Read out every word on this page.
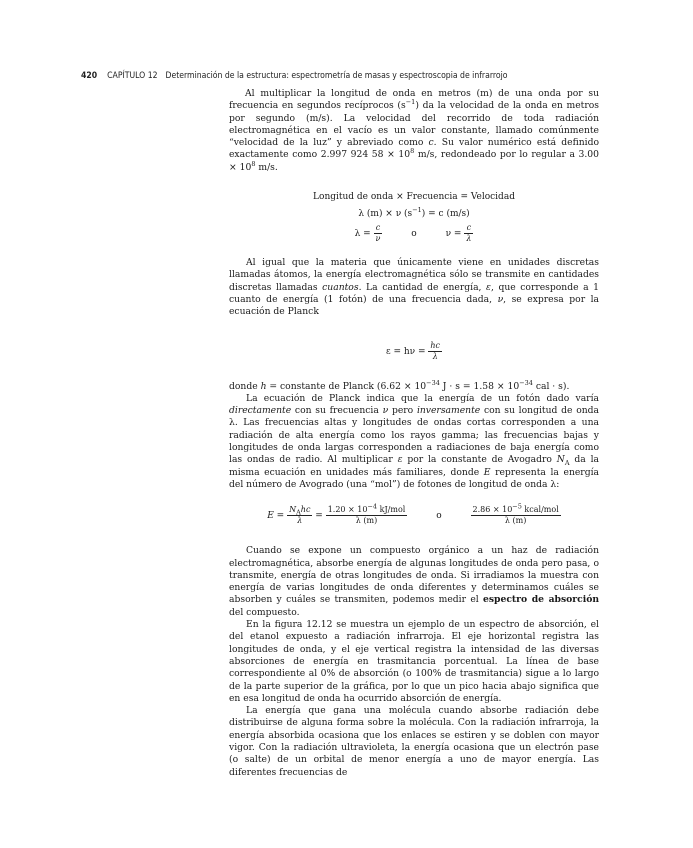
420 CAPÍTULO 12 Determinación de la estructura: espectrometría de masas y espectroscopia de infrarrojo

Al multiplicar la longitud de onda en metros (m) de una onda por su frecuencia en segundos recíprocos $(s^{-1})$ da la velocidad de la onda en metros por segundo (m/s). La velocidad del recorrido de toda radiación electromagnética en el vacío es un valor constante, llamado comúnmente “velocidad de la luz” y abreviado como c. Su valor numérico está definido exactamente como 2.997 924 $58 \times 10^8$ m/s, redondeado por lo regular a $3.00 \times 10^8$ m/s.

Longitud de onda × Frecuencia = Velocidad
λ (m) × ν $(s^{-1}) = c$ (m/s)
$\lambda = \frac{c}{\nu}$	o	$\nu = \frac{c}{\lambda}$

Al igual que la materia que únicamente viene en unidades discretas llamadas átomos, la energía electromagnética sólo se transmite en cantidades discretas llamadas cuantos. La cantidad de energía, ε, que corresponde a 1 cuanto de energía (1 fotón) de una frecuencia dada, ν, se expresa por la ecuación de Planck

$\varepsilon = h\nu = \frac{hc}{\lambda}$

donde h = constante de Planck ($6.62 \times 10^{-34}$ $J \cdot s = 1.58 \times 10^{-34}$ cal · s).

La ecuación de Planck indica que la energía de un fotón dado varía directamente con su frecuencia ν pero inversamente con su longitud de onda λ. Las frecuencias altas y longitudes de ondas cortas corresponden a una radiación de alta energía como los rayos gamma; las frecuencias bajas y longitudes de onda largas corresponden a radiaciones de baja energía como las ondas de radio. Al multiplicar ε por la constante de Avogadro $N_A$ da la misma ecuación en unidades más familiares, donde E representa la energía del número de Avogrado (una “mol”) de fotones de longitud de onda λ:

$E = \frac{N_Ahc}{\lambda} = \frac{1.20 \times 10^{-4} kJ/mol}{\lambda (m)}$	o	$\frac{2.86 \times 10^{-5} kcal/mol}{\lambda (m)}$

Cuando se expone un compuesto orgánico a un haz de radiación electromagnética, absorbe energía de algunas longitudes de onda pero pasa, o transmite, energía de otras longitudes de onda. Si irradiamos la muestra con energía de varias longitudes de onda diferentes y determinamos cuáles se absorben y cuáles se transmiten, podemos medir el espectro de absorción del compuesto.

En la figura 12.12 se muestra un ejemplo de un espectro de absorción, el del etanol expuesto a radiación infrarroja. El eje horizontal registra las longitudes de onda, y el eje vertical registra la intensidad de las diversas absorciones de energía en trasmitancia porcentual. La línea de base correspondiente al 0% de absorción (o 100% de trasmitancia) sigue a lo largo de la parte superior de la gráfica, por lo que un pico hacia abajo significa que en esa longitud de onda ha ocurrido absorción de energía.

La energía que gana una molécula cuando absorbe radiación debe distribuirse de alguna forma sobre la molécula. Con la radiación infrarroja, la energía absorbida ocasiona que los enlaces se estiren y se doblen con mayor vigor. Con la radiación ultravioleta, la energía ocasiona que un electrón pase (o salte) de un orbital de menor energía a uno de mayor energía. Las diferentes frecuencias de
